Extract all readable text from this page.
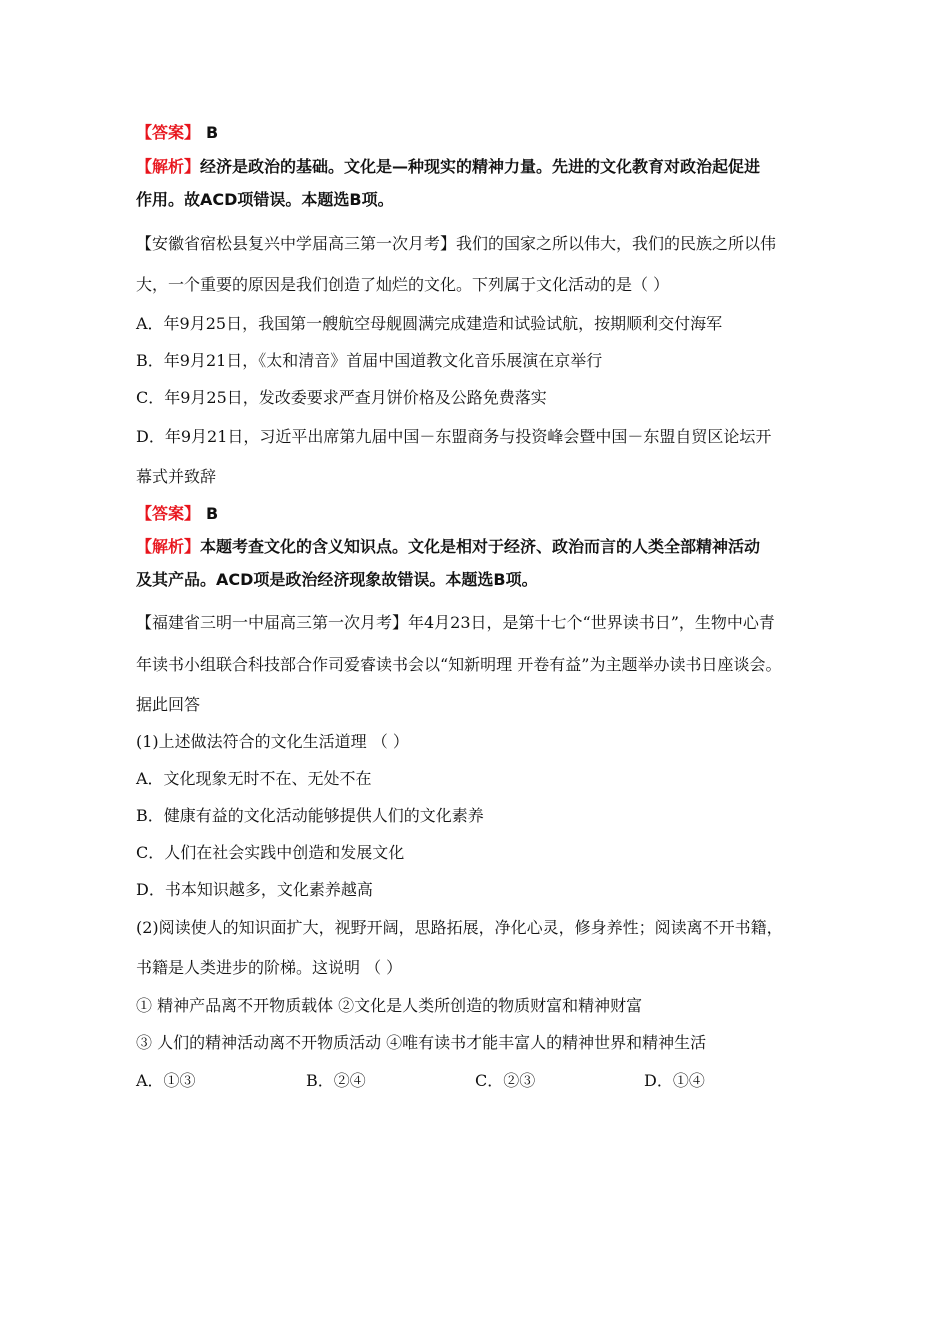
【答案】 B
【解析】经济是政治的基础。文化是—种现实的精神力量。先进的文化教育对政治起促进
作用。故ACD项错误。本题选B项。
【安徽省宿松县复兴中学届高三第一次月考】我们的国家之所以伟大，我们的民族之所以伟
大，一个重要的原因是我们创造了灿烂的文化。下列属于文化活动的是（ ）
A．年9月25日，我国第一艘航空母舰圆满完成建造和试验试航，按期顺利交付海军
B．年9月21日，《太和清音》首届中国道教文化音乐展演在京举行
C．年9月25日，发改委要求严查月饼价格及公路免费落实
D．年9月21日，习近平出席第九届中国－东盟商务与投资峰会暨中国－东盟自贸区论坛开
幕式并致辞
【答案】 B
【解析】本题考查文化的含义知识点。文化是相对于经济、政治而言的人类全部精神活动
及其产品。ACD项是政治经济现象故错误。本题选B项。
【福建省三明一中届高三第一次月考】年4月23日，是第十七个“世界读书日”，生物中心青
年读书小组联合科技部合作司爱睿读书会以“知新明理 开卷有益”为主题举办读书日座谈会。
据此回答
(1)上述做法符合的文化生活道理 （ ）
A．文化现象无时不在、无处不在
B．健康有益的文化活动能够提供人们的文化素养
C．人们在社会实践中创造和发展文化
D．书本知识越多，文化素养越高
(2)阅读使人的知识面扩大，视野开阔，思路拓展，净化心灵，修身养性；阅读离不开书籍，
书籍是人类进步的阶梯。这说明 （ ）
① 精神产品离不开物质载体 ②文化是人类所创造的物质财富和精神财富
③ 人们的精神活动离不开物质活动 ④唯有读书才能丰富人的精神世界和精神生活
A．①③	B．②④	C．②③	D．①④
